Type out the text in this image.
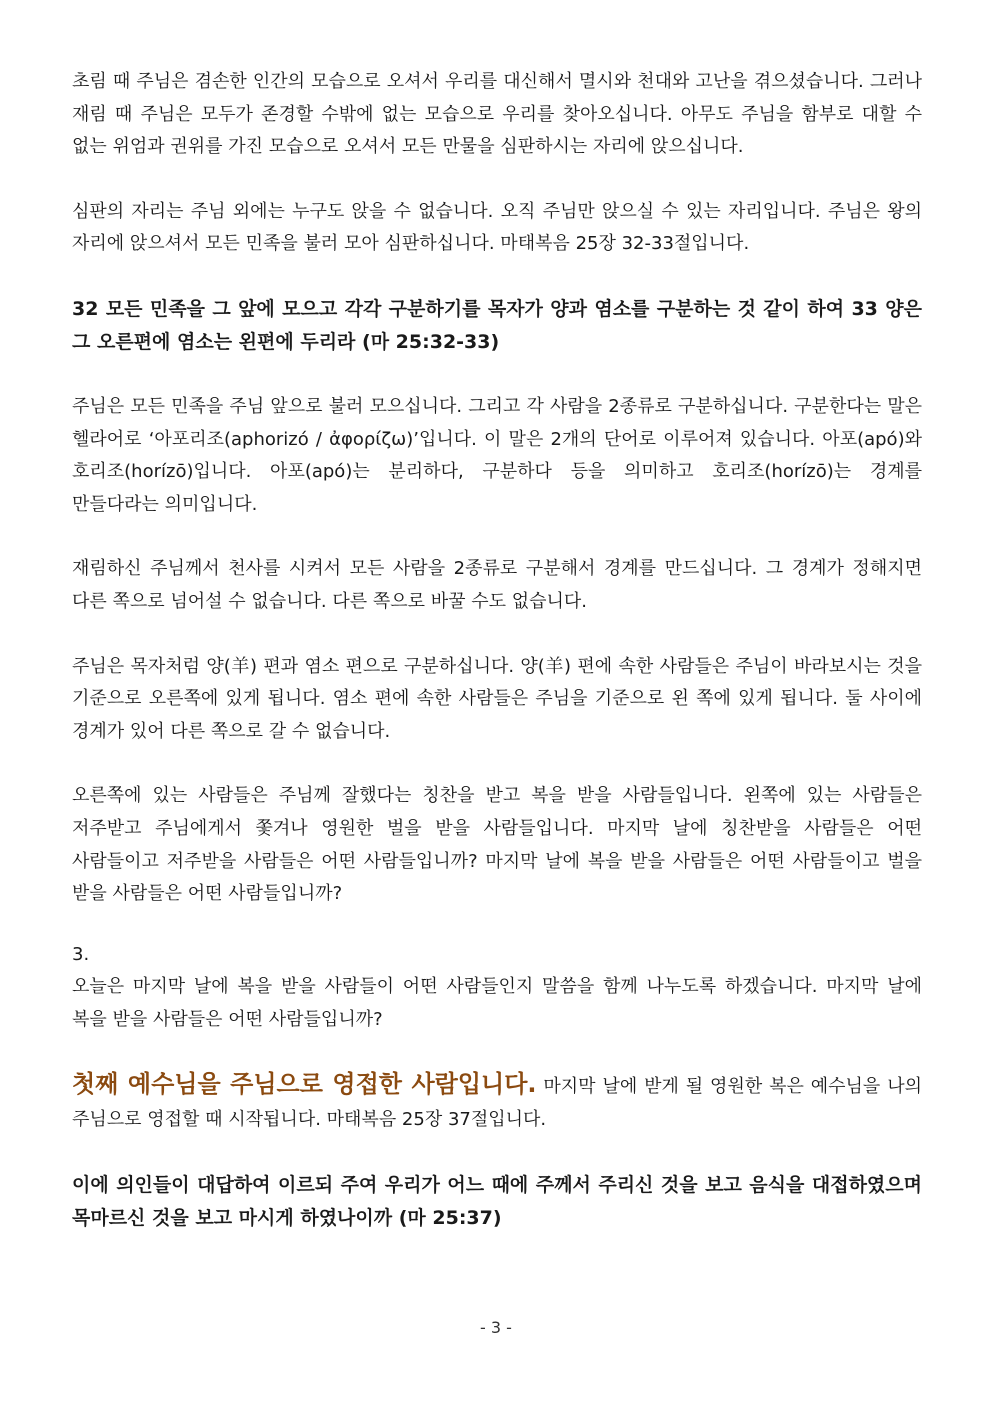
초림 때 주님은 겸손한 인간의 모습으로 오셔서 우리를 대신해서 멸시와 천대와 고난을 겪으셨습니다. 그러나 재림 때 주님은 모두가 존경할 수밖에 없는 모습으로 우리를 찾아오십니다. 아무도 주님을 함부로 대할 수 없는 위엄과 권위를 가진 모습으로 오셔서 모든 만물을 심판하시는 자리에 앉으십니다.

심판의 자리는 주님 외에는 누구도 앉을 수 없습니다. 오직 주님만 앉으실 수 있는 자리입니다. 주님은 왕의 자리에 앉으셔서 모든 민족을 불러 모아 심판하십니다. 마태복음 25장 32-33절입니다.

32 모든 민족을 그 앞에 모으고 각각 구분하기를 목자가 양과 염소를 구분하는 것 같이 하여 33 양은 그 오른편에 염소는 왼편에 두리라 (마 25:32-33)

주님은 모든 민족을 주님 앞으로 불러 모으십니다. 그리고 각 사람을 2종류로 구분하십니다. 구분한다는 말은 헬라어로 ‘아포리조(aphorizó / ἀφορίζω)’입니다. 이 말은 2개의 단어로 이루어져 있습니다. 아포(apó)와 호리조(horízō)입니다. 아포(apó)는 분리하다, 구분하다 등을 의미하고 호리조(horízō)는 경계를 만들다라는 의미입니다.

재림하신 주님께서 천사를 시켜서 모든 사람을 2종류로 구분해서 경계를 만드십니다. 그 경계가 정해지면 다른 쪽으로 넘어설 수 없습니다. 다른 쪽으로 바꿀 수도 없습니다.

주님은 목자처럼 양(羊) 편과 염소 편으로 구분하십니다. 양(羊) 편에 속한 사람들은 주님이 바라보시는 것을 기준으로 오른쪽에 있게 됩니다. 염소 편에 속한 사람들은 주님을 기준으로 왼 쪽에 있게 됩니다. 둘 사이에 경계가 있어 다른 쪽으로 갈 수 없습니다.

오른쪽에 있는 사람들은 주님께 잘했다는 칭찬을 받고 복을 받을 사람들입니다. 왼쪽에 있는 사람들은 저주받고 주님에게서 쫓겨나 영원한 벌을 받을 사람들입니다. 마지막 날에 칭찬받을 사람들은 어떤 사람들이고 저주받을 사람들은 어떤 사람들입니까? 마지막 날에 복을 받을 사람들은 어떤 사람들이고 벌을 받을 사람들은 어떤 사람들입니까?

3.

오늘은 마지막 날에 복을 받을 사람들이 어떤 사람들인지 말씀을 함께 나누도록 하겠습니다. 마지막 날에 복을 받을 사람들은 어떤 사람들입니까?

첫째 예수님을 주님으로 영접한 사람입니다. 마지막 날에 받게 될 영원한 복은 예수님을 나의 주님으로 영접할 때 시작됩니다. 마태복음 25장 37절입니다.

이에 의인들이 대답하여 이르되 주여 우리가 어느 때에 주께서 주리신 것을 보고 음식을 대접하였으며 목마르신 것을 보고 마시게 하였나이까 (마 25:37)

- 3 -
